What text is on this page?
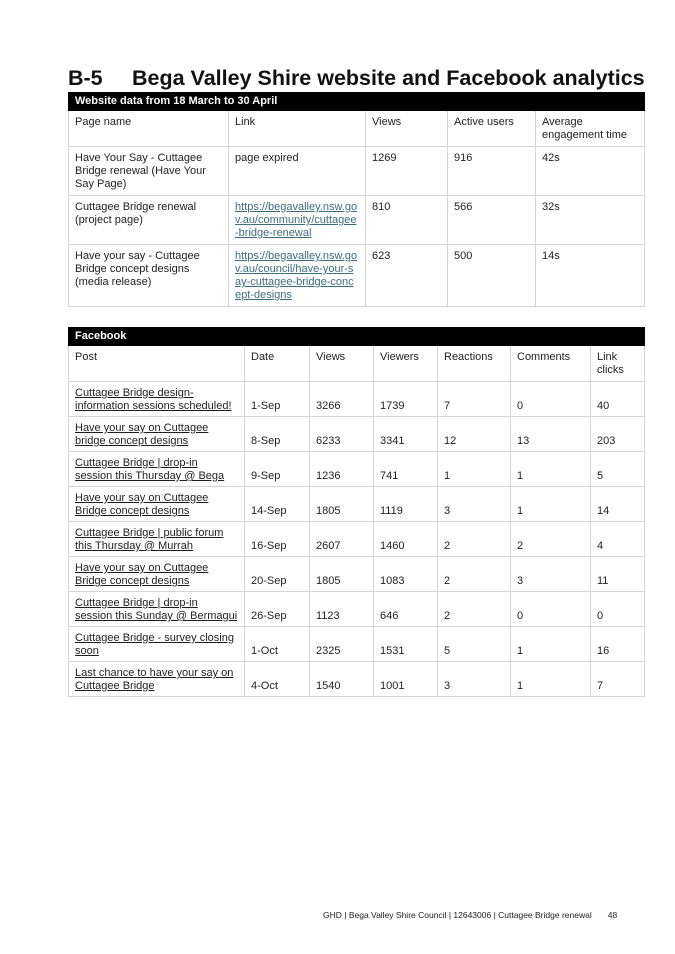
B-5 Bega Valley Shire website and Facebook analytics
Website data from 18 March to 30 April				
Page name	Link	Views	Active users	Average engagement time
Have Your Say - Cuttagee Bridge renewal (Have Your Say Page)	page expired	1269	916	42s
Cuttagee Bridge renewal (project page)	https://begavalley.nsw.gov.au/community/cuttagee-bridge-renewal	810	566	32s
Have your say - Cuttagee Bridge concept designs (media release)	https://begavalley.nsw.gov.au/council/have-your-say-cuttagee-bridge-concept-designs	623	500	14s
Facebook						
Post	Date	Views	Viewers	Reactions	Comments	Link clicks
Cuttagee Bridge design-information sessions scheduled!	1-Sep	3266	1739	7	0	40
Have your say on Cuttagee bridge concept designs	8-Sep	6233	3341	12	13	203
Cuttagee Bridge | drop-in session this Thursday @ Bega	9-Sep	1236	741	1	1	5
Have your say on Cuttagee Bridge concept designs	14-Sep	1805	1119	3	1	14
Cuttagee Bridge | public forum this Thursday @ Murrah	16-Sep	2607	1460	2	2	4
Have your say on Cuttagee Bridge concept designs	20-Sep	1805	1083	2	3	11
Cuttagee Bridge | drop-in session this Sunday @ Bermagui	26-Sep	1123	646	2	0	0
Cuttagee Bridge - survey closing soon	1-Oct	2325	1531	5	1	16
Last chance to have your say on Cuttagee Bridge	4-Oct	1540	1001	3	1	7
GHD | Bega Valley Shire Council | 12643006 | Cuttagee Bridge renewal 48
